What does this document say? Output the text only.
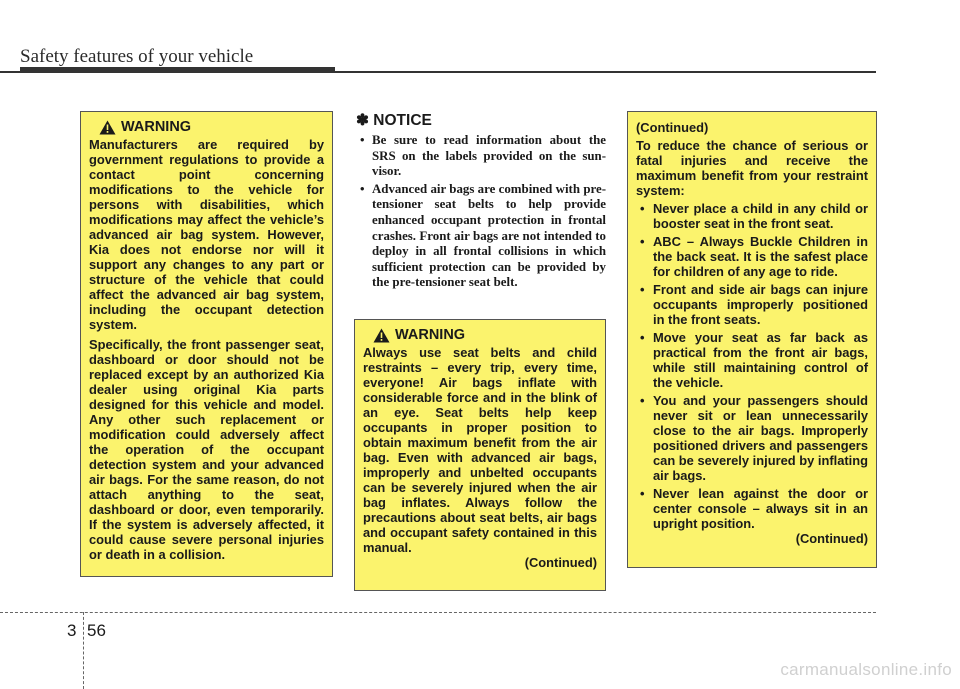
Safety features of your vehicle
WARNING

Manufacturers are required by government regulations to provide a contact point concerning modifications to the vehicle for persons with disabilities, which modifications may affect the vehicle’s advanced air bag system. However, Kia does not endorse nor will it support any changes to any part or structure of the vehicle that could affect the advanced air bag system, including the occupant detection system.

Specifically, the front passenger seat, dashboard or door should not be replaced except by an authorized Kia dealer using original Kia parts designed for this vehicle and model. Any other such replacement or modification could adversely affect the operation of the occupant detection system and your advanced air bags. For the same reason, do not attach anything to the seat, dashboard or door, even temporarily. If the system is adversely affected, it could cause severe personal injuries or death in a collision.

✽ NOTICE
• Be sure to read information about the SRS on the labels provided on the sun-visor.
• Advanced air bags are combined with pre-tensioner seat belts to help provide enhanced occupant protection in frontal crashes. Front air bags are not intended to deploy in all frontal collisions in which sufficient protection can be provided by the pre-tensioner seat belt.
WARNING

Always use seat belts and child restraints – every trip, every time, everyone! Air bags inflate with considerable force and in the blink of an eye. Seat belts help keep occupants in proper position to obtain maximum benefit from the air bag. Even with advanced air bags, improperly and unbelted occupants can be severely injured when the air bag inflates. Always follow the precautions about seat belts, air bags and occupant safety contained in this manual.

(Continued)

(Continued)

To reduce the chance of serious or fatal injuries and receive the maximum benefit from your restraint system:

• Never place a child in any child or booster seat in the front seat.
• ABC – Always Buckle Children in the back seat. It is the safest place for children of any age to ride.
• Front and side air bags can injure occupants improperly positioned in the front seats.
• Move your seat as far back as practical from the front air bags, while still maintaining control of the vehicle.
• You and your passengers should never sit or lean unnecessarily close to the air bags. Improperly positioned drivers and passengers can be severely injured by inflating air bags.
• Never lean against the door or center console – always sit in an upright position.

(Continued)

3 56
carmanualsonline.info
